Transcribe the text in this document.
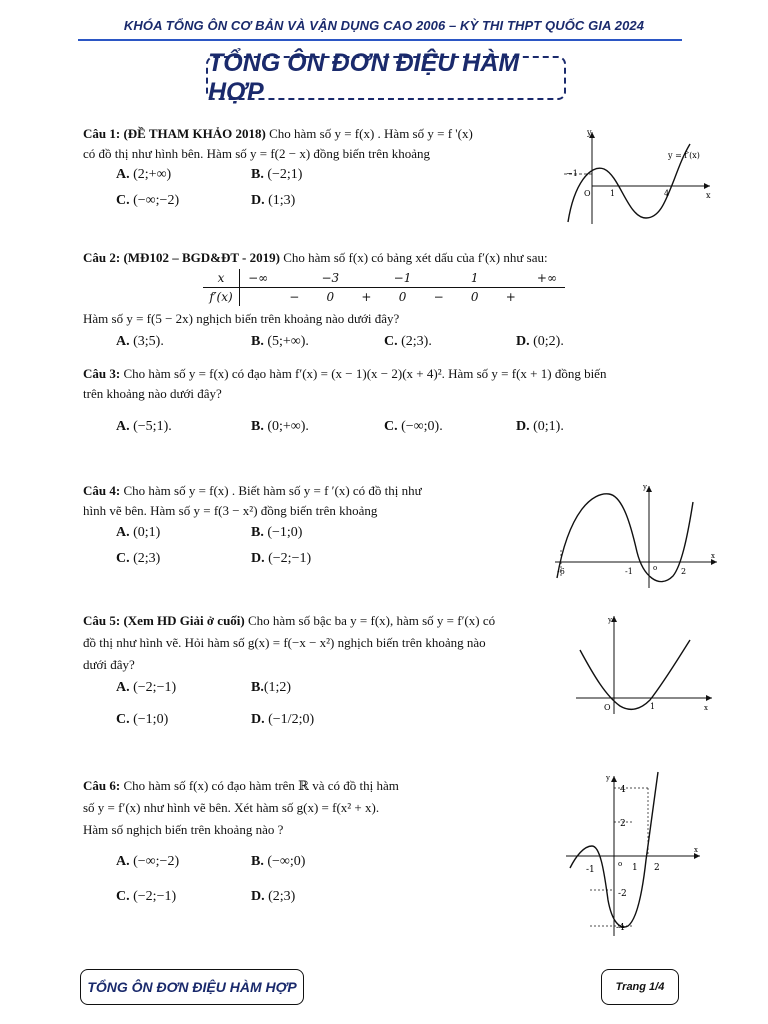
KHÓA TỔNG ÔN CƠ BẢN VÀ VẬN DỤNG CAO 2006 – KỲ THI THPT QUỐC GIA 2024
TỔNG ÔN ĐƠN ĐIỆU HÀM HỢP
Câu 1: (ĐỀ THAM KHẢO 2018) Cho hàm số y = f(x) . Hàm số y = f '(x)
có đồ thị như hình bên. Hàm số y = f(2 − x) đồng biến trên khoảng
A. (2;+∞)	B. (−2;1)
C. (−∞;−2)	D. (1;3)
y
x
y = f′(x)
−1
1	4
O
Câu 2: (MĐ102 – BGD&ĐT - 2019) Cho hàm số f(x) có bảng xét dấu của f′(x) như sau:
x	−∞		−3		−1		1		+∞
f′(x)		−	0	+	0	−	0	+	
Hàm số y = f(5 − 2x) nghịch biến trên khoảng nào dưới đây?
A. (3;5).	B. (5;+∞).	C. (2;3).	D. (0;2).
Câu 3: Cho hàm số y = f(x) có đạo hàm f′(x) = (x − 1)(x − 2)(x + 4)². Hàm số y = f(x + 1) đồng biến
trên khoảng nào dưới đây?
A. (−5;1).	B. (0;+∞).	C. (−∞;0).	D. (0;1).
Câu 4: Cho hàm số y = f(x) . Biết hàm số y = f ′(x) có đồ thị như
hình vẽ bên. Hàm số y = f(3 − x²) đồng biến trên khoảng
A. (0;1)	B. (−1;0)
C. (2;3)	D. (−2;−1)
y
x
-6	-1	2
o
Câu 5: (Xem HD Giải ở cuối) Cho hàm số bậc ba y = f(x), hàm số y = f′(x) có
đồ thị như hình vẽ. Hỏi hàm số g(x) = f(−x − x²) nghịch biến trên khoảng nào
dưới đây?
A. (−2;−1)	B.(1;2)
C. (−1;0)	D. (−1/2;0)
y
x
O	1
Câu 6: Cho hàm số f(x) có đạo hàm trên ℝ và có đồ thị hàm
số y = f′(x) như hình vẽ bên. Xét hàm số g(x) = f(x² + x).
Hàm số nghịch biến trên khoảng nào ?
A. (−∞;−2)	B. (−∞;0)
C. (−2;−1)	D. (2;3)
y
x
4
2
-1	1 2
-2
-4
o
TỔNG ÔN ĐƠN ĐIỆU HÀM HỢP	Trang 1/4
